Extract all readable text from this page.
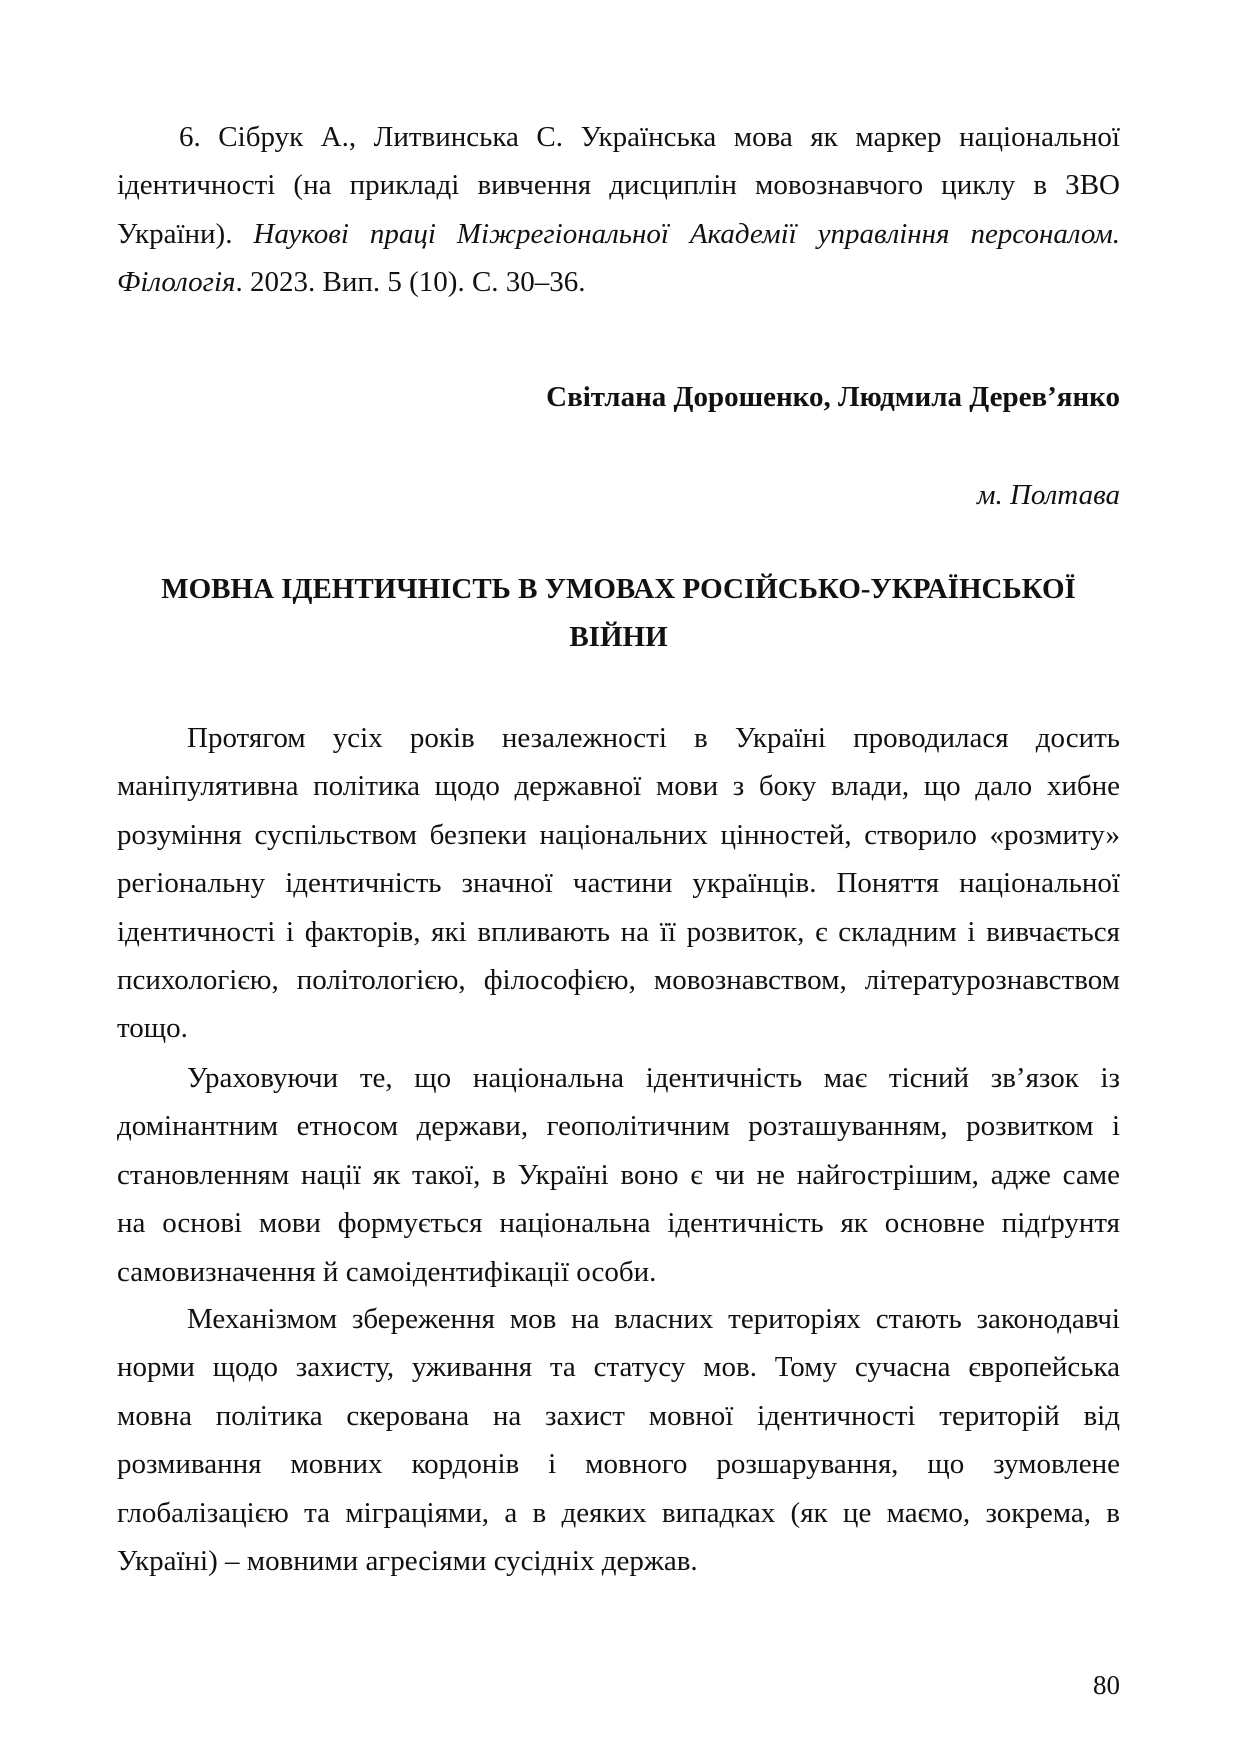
6. Сібрук А., Литвинська С. Українська мова як маркер національної
ідентичності (на прикладі вивчення дисциплін мовознавчого циклу в ЗВО
України). Наукові праці Міжрегіональної Академії управління персоналом.
Філологія. 2023. Вип. 5 (10). С. 30–36.
Світлана Дорошенко, Людмила Дерев’янко
м. Полтава
МОВНА ІДЕНТИЧНІСТЬ В УМОВАХ РОСІЙСЬКО-УКРАЇНСЬКОЇ
ВІЙНИ
Протягом усіх років незалежності в Україні проводилася досить
маніпулятивна політика щодо державної мови з боку влади, що дало хибне
розуміння суспільством безпеки національних цінностей, створило «розмиту»
регіональну ідентичність значної частини українців. Поняття національної
ідентичності і факторів, які впливають на її розвиток, є складним і вивчається
психологією, політологією, філософією, мовознавством, літературознавством
тощо.
Ураховуючи те, що національна ідентичність має тісний зв’язок із
домінантним етносом держави, геополітичним розташуванням, розвитком і
становленням нації як такої, в Україні воно є чи не найгострішим, адже саме
на основі мови формується національна ідентичність як основне підґрунтя
самовизначення й самоідентифікації особи.
Механізмом збереження мов на власних територіях стають законодавчі
норми щодо захисту, уживання та статусу мов. Тому сучасна європейська
мовна політика скерована на захист мовної ідентичності територій від
розмивання мовних кордонів і мовного розшарування, що зумовлене
глобалізацією та міграціями, а в деяких випадках (як це маємо, зокрема, в
Україні) – мовними агресіями сусідніх держав.
80
